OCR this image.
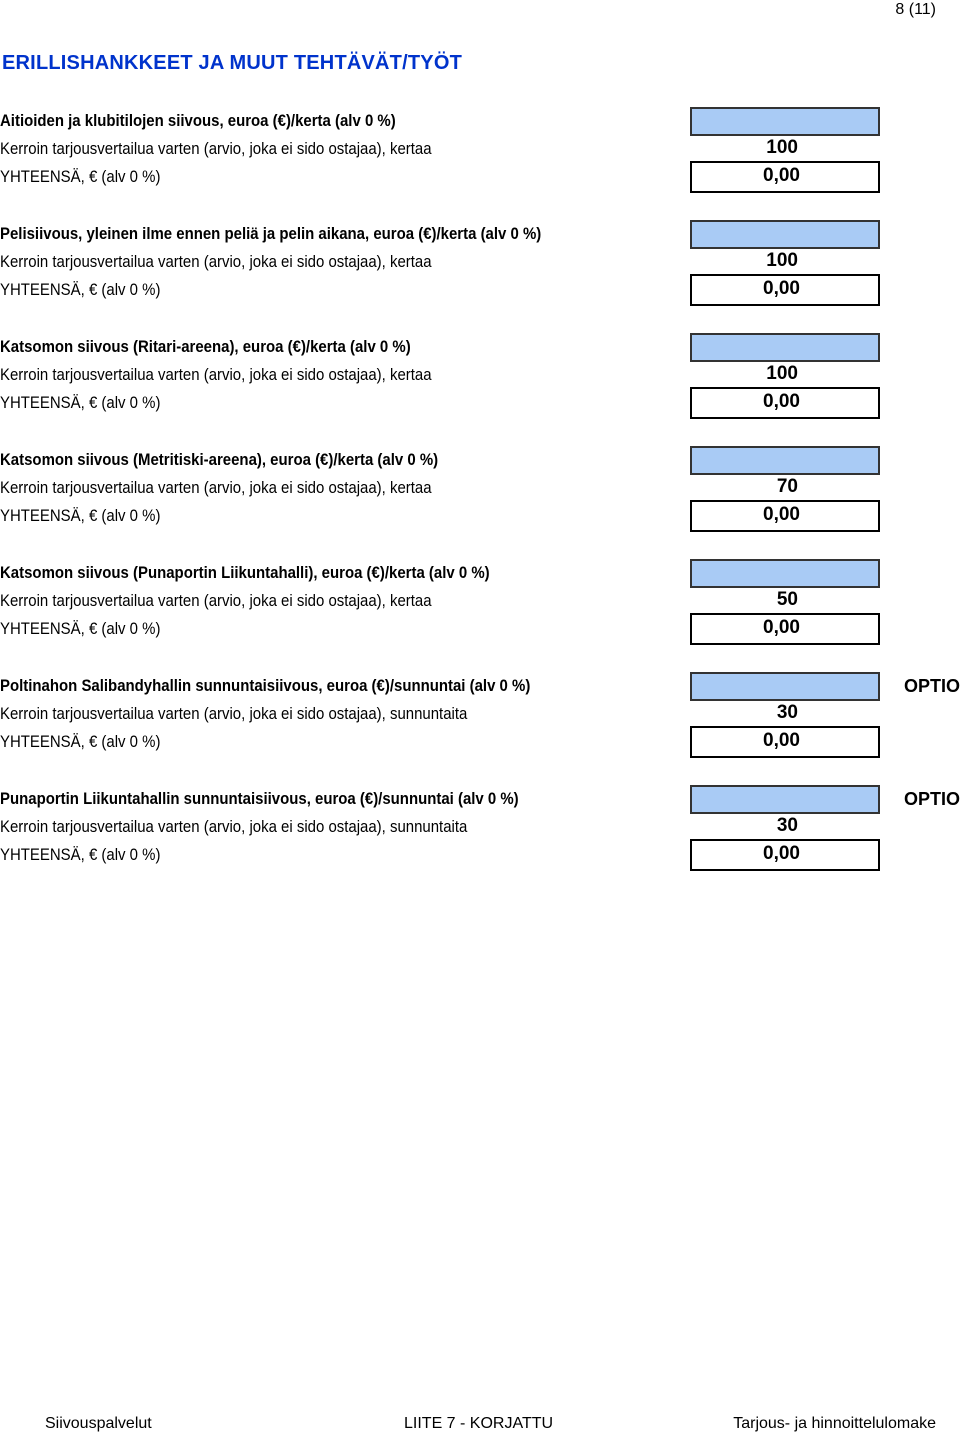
8 (11)
ERILLISHANKKEET JA MUUT TEHTÄVÄT/TYÖT
Aitioiden ja klubitilojen siivous, euroa (€)/kerta (alv 0 %)
Kerroin tarjousvertailua varten (arvio, joka ei sido ostajaa), kertaa
YHTEENSÄ, € (alv 0 %)
100
0,00
Pelisiivous, yleinen ilme ennen peliä ja pelin aikana, euroa (€)/kerta (alv 0 %)
Kerroin tarjousvertailua varten (arvio, joka ei sido ostajaa), kertaa
YHTEENSÄ, € (alv 0 %)
100
0,00
Katsomon siivous (Ritari-areena), euroa (€)/kerta (alv 0 %)
Kerroin tarjousvertailua varten (arvio, joka ei sido ostajaa), kertaa
YHTEENSÄ, € (alv 0 %)
100
0,00
Katsomon siivous (Metritiski-areena), euroa (€)/kerta (alv 0 %)
Kerroin tarjousvertailua varten (arvio, joka ei sido ostajaa), kertaa
YHTEENSÄ, € (alv 0 %)
70
0,00
Katsomon siivous (Punaportin Liikuntahalli), euroa (€)/kerta (alv 0 %)
Kerroin tarjousvertailua varten (arvio, joka ei sido ostajaa), kertaa
YHTEENSÄ, € (alv 0 %)
50
0,00
Poltinahon Salibandyhallin sunnuntaisiivous, euroa (€)/sunnuntai (alv 0 %)
Kerroin tarjousvertailua varten (arvio, joka ei sido ostajaa), sunnuntaita
YHTEENSÄ, € (alv 0 %)
30
0,00
OPTIO
Punaportin Liikuntahallin sunnuntaisiivous, euroa (€)/sunnuntai (alv 0 %)
Kerroin tarjousvertailua varten (arvio, joka ei sido ostajaa), sunnuntaita
YHTEENSÄ, € (alv 0 %)
30
0,00
OPTIO
Siivouspalvelut	LIITE 7 - KORJATTU	Tarjous- ja hinnoittelulomake
